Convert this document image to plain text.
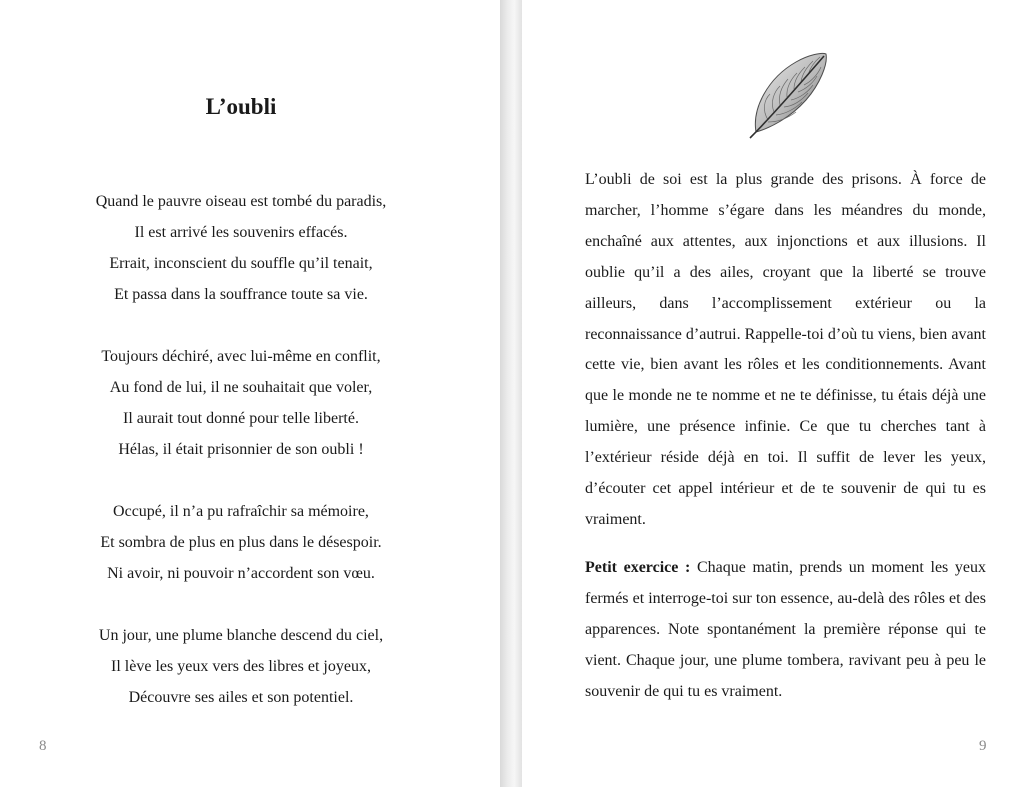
L’oubli
Quand le pauvre oiseau est tombé du paradis,
Il est arrivé les souvenirs effacés.
Errait, inconscient du souffle qu’il tenait,
Et passa dans la souffrance toute sa vie.
Toujours déchiré, avec lui-même en conflit,
Au fond de lui, il ne souhaitait que voler,
Il aurait tout donné pour telle liberté.
Hélas, il était prisonnier de son oubli !
Occupé, il n’a pu rafraîchir sa mémoire,
Et sombra de plus en plus dans le désespoir.
Ni avoir, ni pouvoir n’accordent son vœu.
Un jour, une plume blanche descend du ciel,
Il lève les yeux vers des libres et joyeux,
Découvre ses ailes et son potentiel.
8

L’oubli de soi est la plus grande des prisons. À force de marcher, l’homme s’égare dans les méandres du monde, enchaîné aux attentes, aux injonctions et aux illusions. Il oublie qu’il a des ailes, croyant que la liberté se trouve ailleurs, dans l’accomplissement extérieur ou la reconnaissance d’autrui. Rappelle-toi d’où tu viens, bien avant cette vie, bien avant les rôles et les conditionnements. Avant que le monde ne te nomme et ne te définisse, tu étais déjà une lumière, une présence infinie. Ce que tu cherches tant à l’extérieur réside déjà en toi. Il suffit de lever les yeux, d’écouter cet appel intérieur et de te souvenir de qui tu es vraiment.

Petit exercice : Chaque matin, prends un moment les yeux fermés et interroge-toi sur ton essence, au-delà des rôles et des apparences. Note spontanément la première réponse qui te vient. Chaque jour, une plume tombera, ravivant peu à peu le souvenir de qui tu es vraiment.

9
